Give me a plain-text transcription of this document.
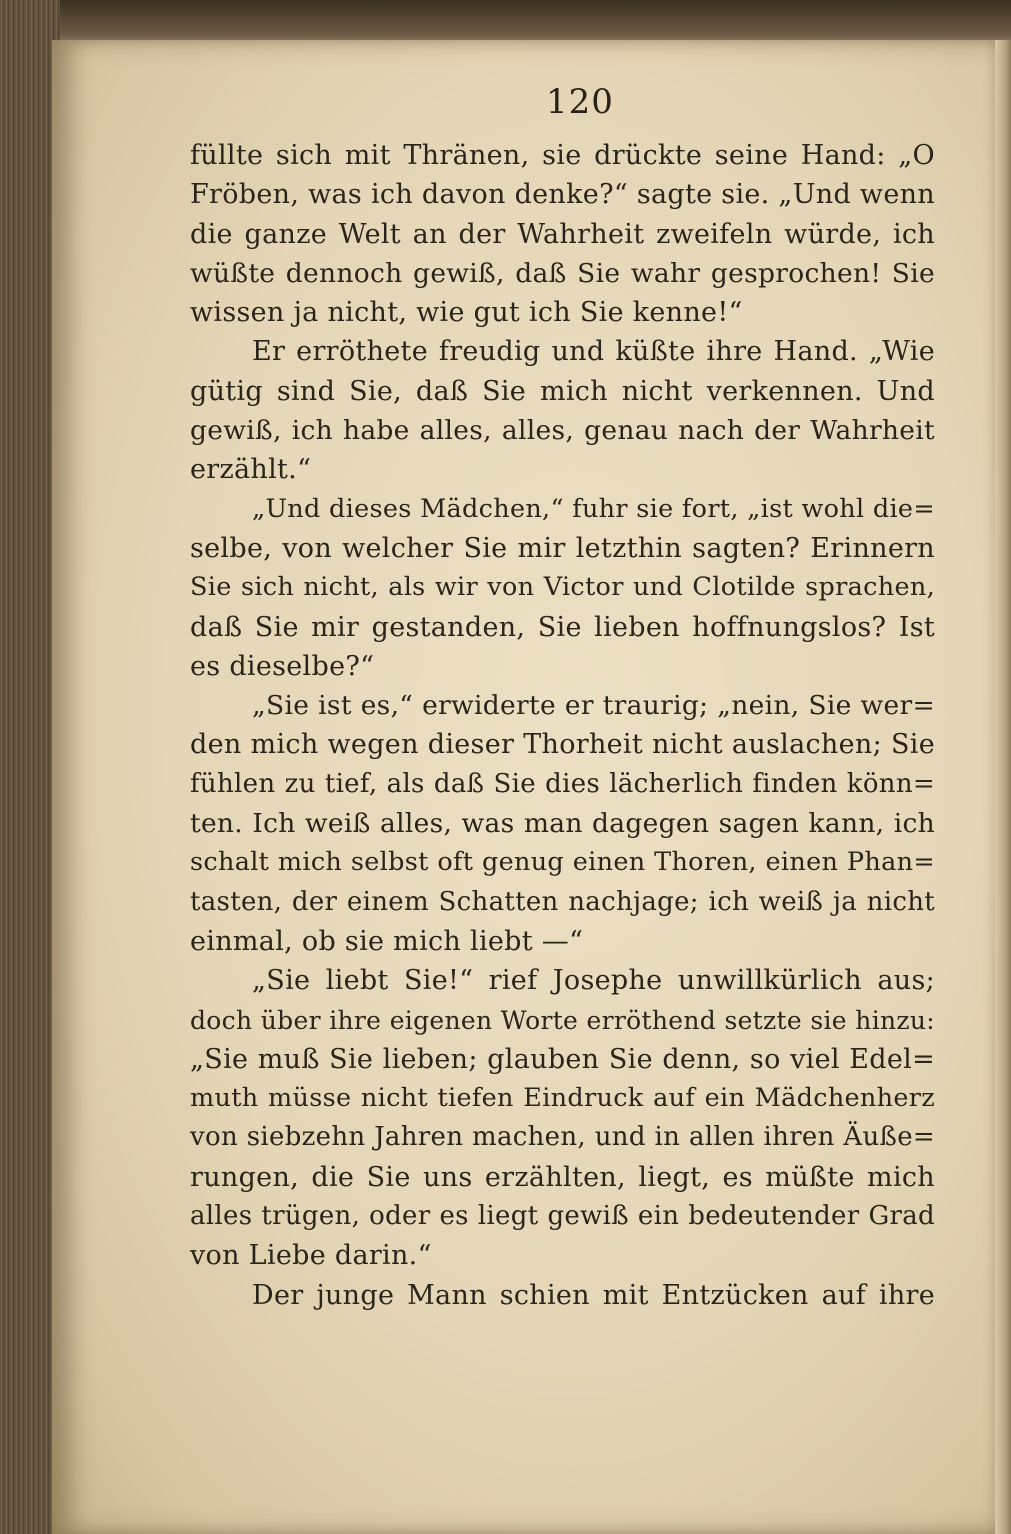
120
füllte sich mit Thränen, sie drückte seine Hand: „O
Fröben, was ich davon denke?“ sagte sie. „Und wenn
die ganze Welt an der Wahrheit zweifeln würde, ich
wüßte dennoch gewiß, daß Sie wahr gesprochen! Sie
wissen ja nicht, wie gut ich Sie kenne!“
Er erröthete freudig und küßte ihre Hand. „Wie
gütig sind Sie, daß Sie mich nicht verkennen. Und
gewiß, ich habe alles, alles, genau nach der Wahrheit
erzählt.“
„Und dieses Mädchen,“ fuhr sie fort, „ist wohl die=
selbe, von welcher Sie mir letzthin sagten? Erinnern
Sie sich nicht, als wir von Victor und Clotilde sprachen,
daß Sie mir gestanden, Sie lieben hoffnungslos? Ist
es dieselbe?“
„Sie ist es,“ erwiderte er traurig; „nein, Sie wer=
den mich wegen dieser Thorheit nicht auslachen; Sie
fühlen zu tief, als daß Sie dies lächerlich finden könn=
ten. Ich weiß alles, was man dagegen sagen kann, ich
schalt mich selbst oft genug einen Thoren, einen Phan=
tasten, der einem Schatten nachjage; ich weiß ja nicht
einmal, ob sie mich liebt —“
„Sie liebt Sie!“ rief Josephe unwillkürlich aus;
doch über ihre eigenen Worte erröthend setzte sie hinzu:
„Sie muß Sie lieben; glauben Sie denn, so viel Edel=
muth müsse nicht tiefen Eindruck auf ein Mädchenherz
von siebzehn Jahren machen, und in allen ihren Äuße=
rungen, die Sie uns erzählten, liegt, es müßte mich
alles trügen, oder es liegt gewiß ein bedeutender Grad
von Liebe darin.“
Der junge Mann schien mit Entzücken auf ihre
